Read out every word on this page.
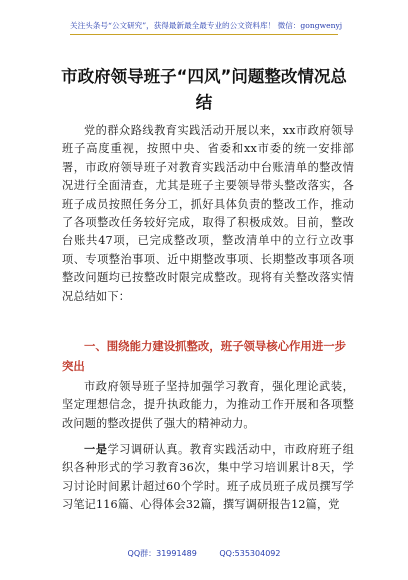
关注头条号“公文研究”，获得最新最全最专业的公文资料库！ 微信：gongwenyj
市政府领导班子“四风”问题整改情况总结
党的群众路线教育实践活动开展以来，xx市政府领导班子高度重视，按照中央、省委和xx市委的统一安排部署，市政府领导班子对教育实践活动中台账清单的整改情况进行全面清查，尤其是班子主要领导带头整改落实，各班子成员按照任务分工，抓好具体负责的整改工作，推动了各项整改任务较好完成，取得了积极成效。目前，整改台账共47项，已完成整改项，整改清单中的立行立改事项、专项整治事项、近中期整改事项、长期整改事项各项整改问题均已按整改时限完成整改。现将有关整改落实情况总结如下：
一、围绕能力建设抓整改，班子领导核心作用进一步突出
市政府领导班子坚持加强学习教育，强化理论武装，坚定理想信念，提升执政能力，为推动工作开展和各项整改问题的整改提供了强大的精神动力。
一是学习调研认真。教育实践活动中，市政府班子组织各种形式的学习教育36次，集中学习培训累计8天，学习讨论时间累计超过60个学时。班子成员班子成员撰写学习笔记116篇、心得体会32篇，撰写调研报告12篇，党
QQ群：31991489	QQ:535304092
